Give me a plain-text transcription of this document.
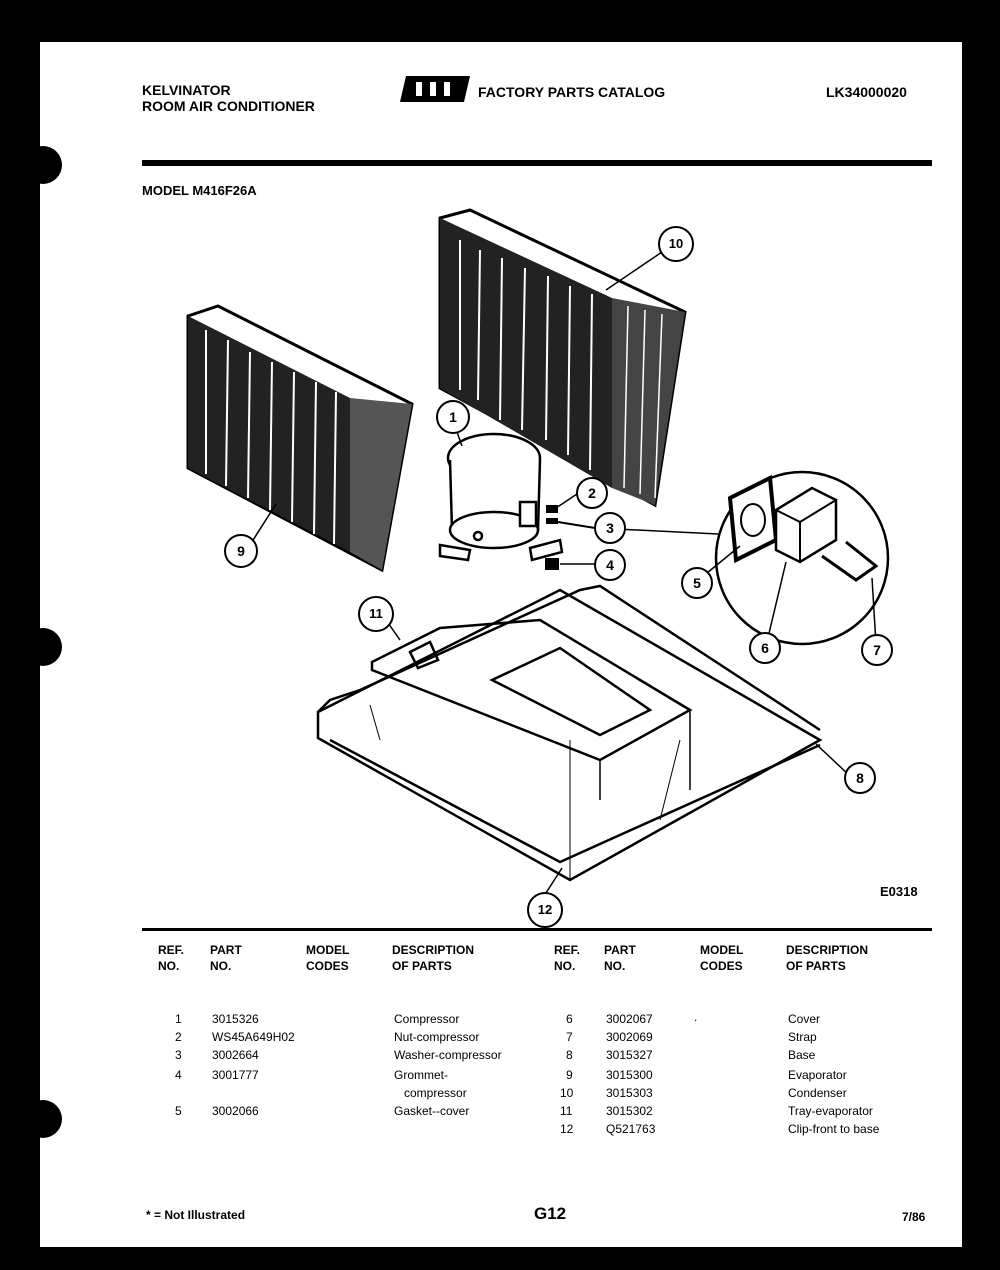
KELVINATOR
ROOM AIR CONDITIONER
FACTORY PARTS CATALOG	LK34000020
MODEL M416F26A
1
2
3
4
5
6	7
8
9
10
11
12
E0318
REF.
NO.
PART
NO.
MODEL
CODES
DESCRIPTION
OF PARTS
REF.
NO.
PART
NO.
MODEL
CODES
DESCRIPTION
OF PARTS
1	3015326	Compressor
2	WS45A649H02	Nut-compressor
3	3002664	Washer-compressor
4	3001777	Grommet-
compressor
5	3002066	Gasket--cover
6	3002067	.	Cover
7	3002069	Strap
8	3015327	Base
9	3015300	Evaporator
10	3015303	Condenser
11	3015302	Tray-evaporator
12	Q521763	Clip-front to base
* = Not Illustrated	G12	7/86
